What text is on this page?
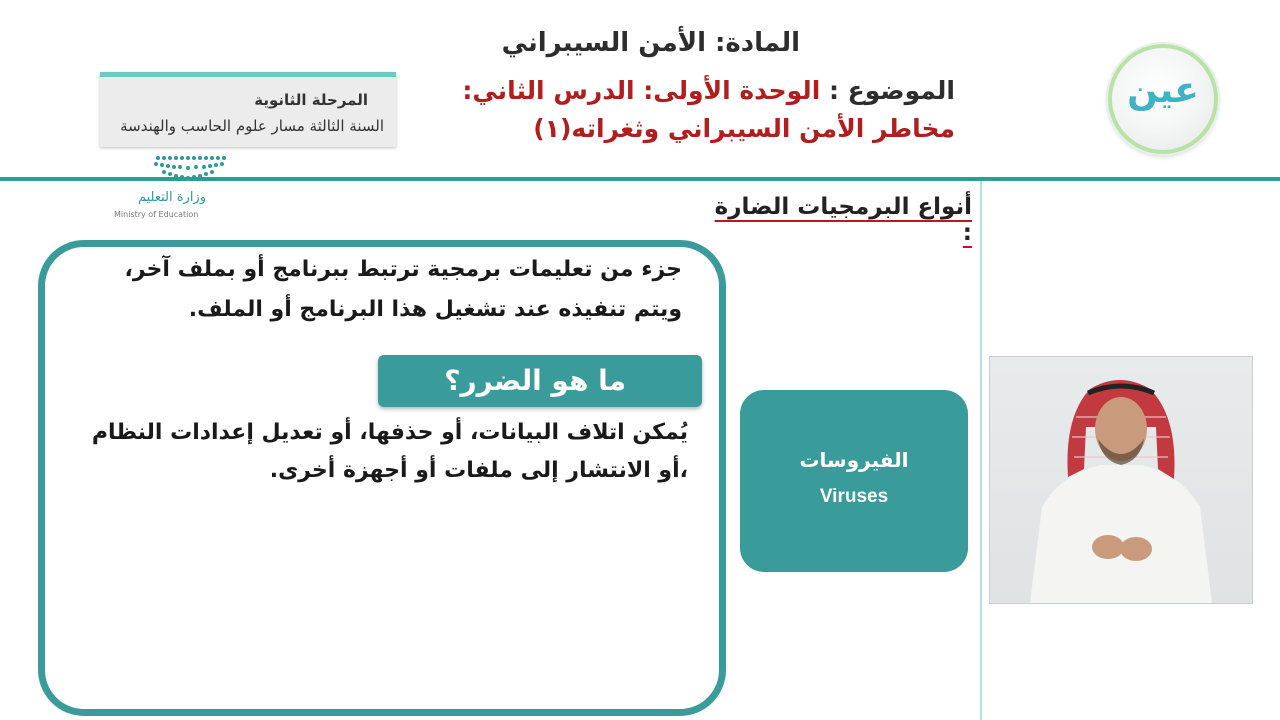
المادة: الأمن السيبراني
الموضوع : الوحدة الأولى: الدرس الثاني: مخاطر الأمن السيبراني وثغراته(١)
المرحلة الثانوية
السنة الثالثة مسار علوم الحاسب والهندسة
وزارة التعليم
Ministry of Education
عين
أنواع البرمجيات الضارة :
جزء من تعليمات برمجية ترتبط ببرنامج أو بملف آخر، ويتم تنفيذه عند تشغيل هذا البرنامج أو الملف.
ما هو الضرر؟
يُمكن اتلاف البيانات، أو حذفها، أو تعديل إعدادات النظام ،أو الانتشار إلى ملفات أو أجهزة أخرى.	الفيروسات
Viruses
